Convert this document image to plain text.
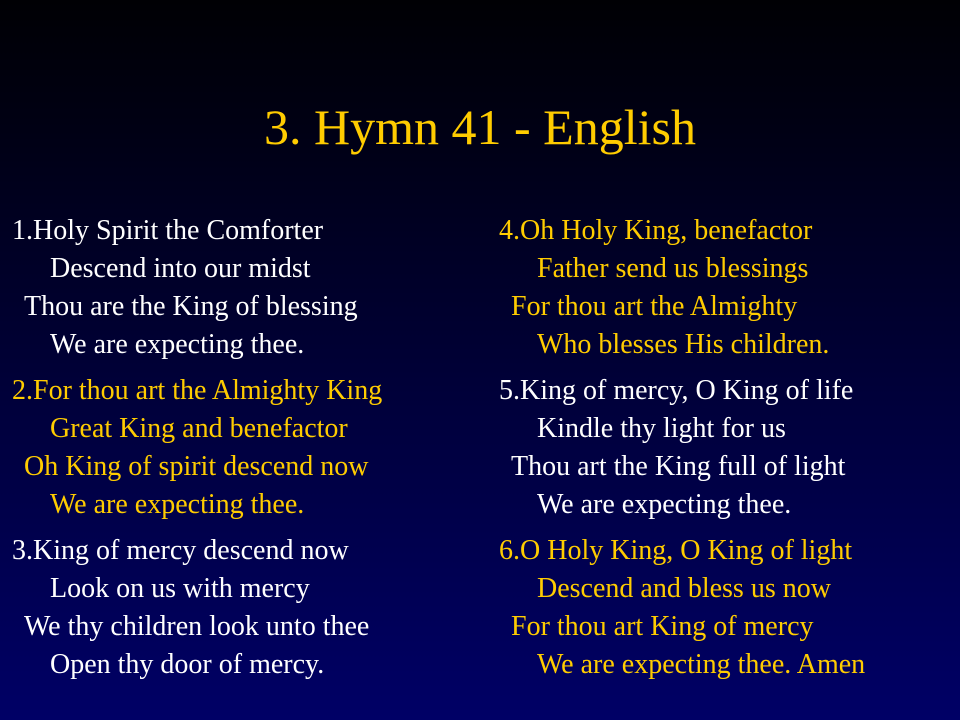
3. Hymn 41 - English
1.Holy Spirit the Comforter
Descend into our midst
Thou are the King of blessing
We are expecting thee.
2.For thou art the Almighty King
Great King and benefactor
Oh King of spirit descend now
We are expecting thee.
3.King of mercy descend now
Look on us with mercy
We thy children look unto thee
Open thy door of mercy.
4.Oh Holy King, benefactor
Father send us blessings
For thou art the Almighty
Who blesses His children.
5.King of mercy, O King of life
Kindle thy light for us
Thou art the King full of light
We are expecting thee.
6.O Holy King, O King of light
Descend and bless us now
For thou art King of mercy
We are expecting thee. Amen
